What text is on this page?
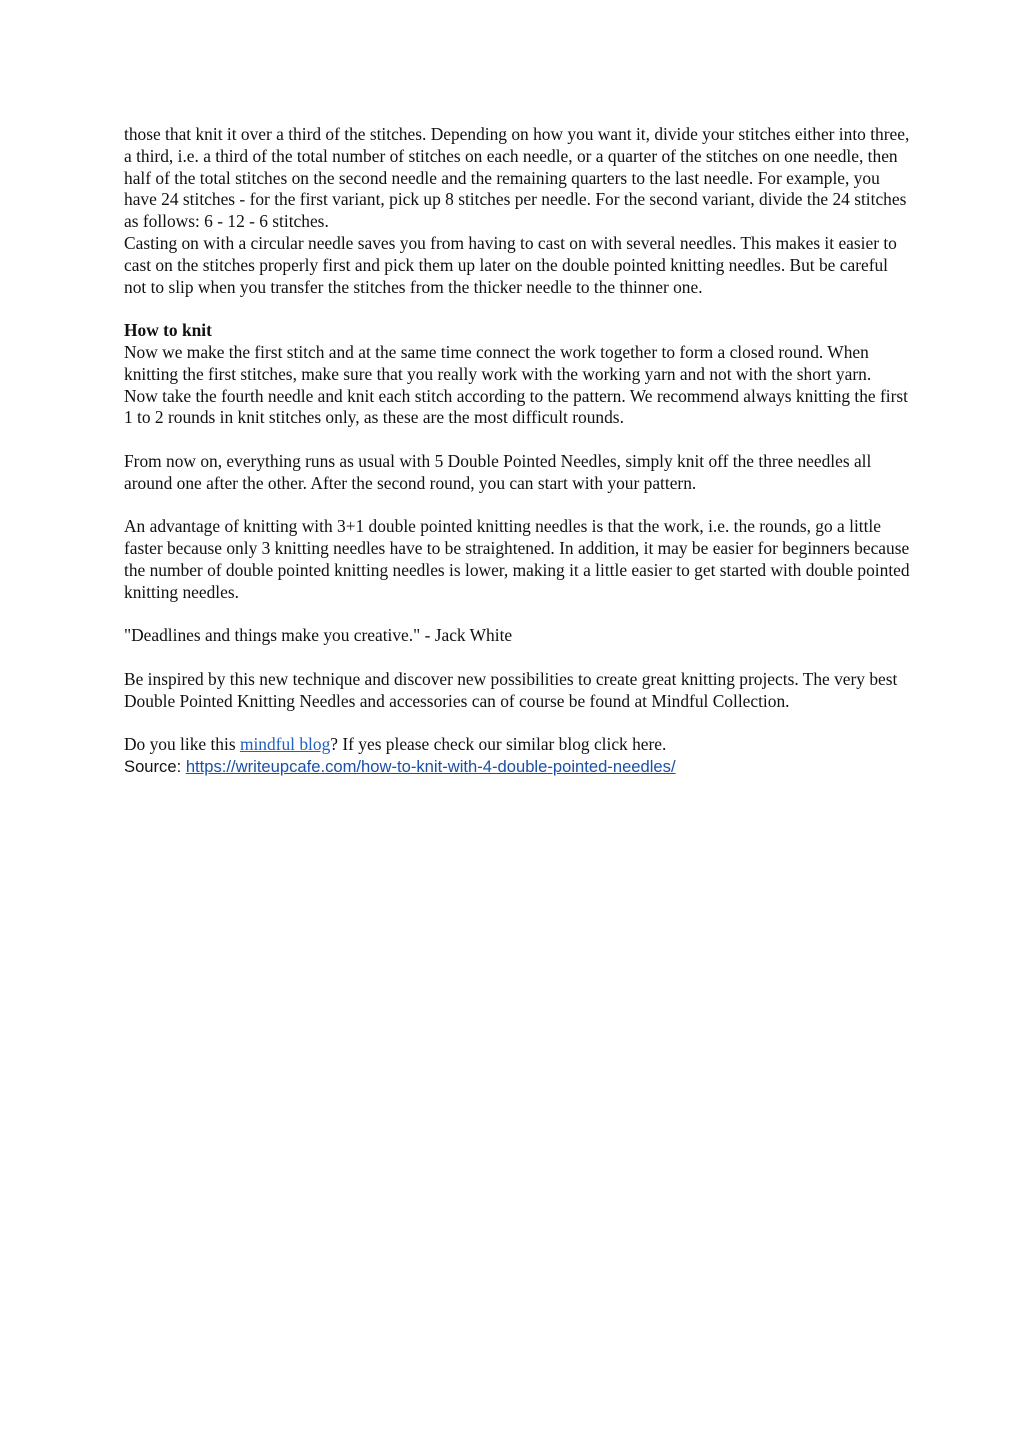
those that knit it over a third of the stitches. Depending on how you want it, divide your stitches either into three, a third, i.e. a third of the total number of stitches on each needle, or a quarter of the stitches on one needle, then half of the total stitches on the second needle and the remaining quarters to the last needle. For example, you have 24 stitches - for the first variant, pick up 8 stitches per needle. For the second variant, divide the 24 stitches as follows: 6 - 12 - 6 stitches.

Casting on with a circular needle saves you from having to cast on with several needles. This makes it easier to cast on the stitches properly first and pick them up later on the double pointed knitting needles. But be careful not to slip when you transfer the stitches from the thicker needle to the thinner one.

How to knit

Now we make the first stitch and at the same time connect the work together to form a closed round. When knitting the first stitches, make sure that you really work with the working yarn and not with the short yarn.

Now take the fourth needle and knit each stitch according to the pattern. We recommend always knitting the first 1 to 2 rounds in knit stitches only, as these are the most difficult rounds.

From now on, everything runs as usual with 5 Double Pointed Needles, simply knit off the three needles all around one after the other. After the second round, you can start with your pattern.

An advantage of knitting with 3+1 double pointed knitting needles is that the work, i.e. the rounds, go a little faster because only 3 knitting needles have to be straightened. In addition, it may be easier for beginners because the number of double pointed knitting needles is lower, making it a little easier to get started with double pointed knitting needles.

"Deadlines and things make you creative." - Jack White

Be inspired by this new technique and discover new possibilities to create great knitting projects. The very best Double Pointed Knitting Needles and accessories can of course be found at Mindful Collection.

Do you like this mindful blog? If yes please check our similar blog click here.

Source: https://writeupcafe.com/how-to-knit-with-4-double-pointed-needles/
